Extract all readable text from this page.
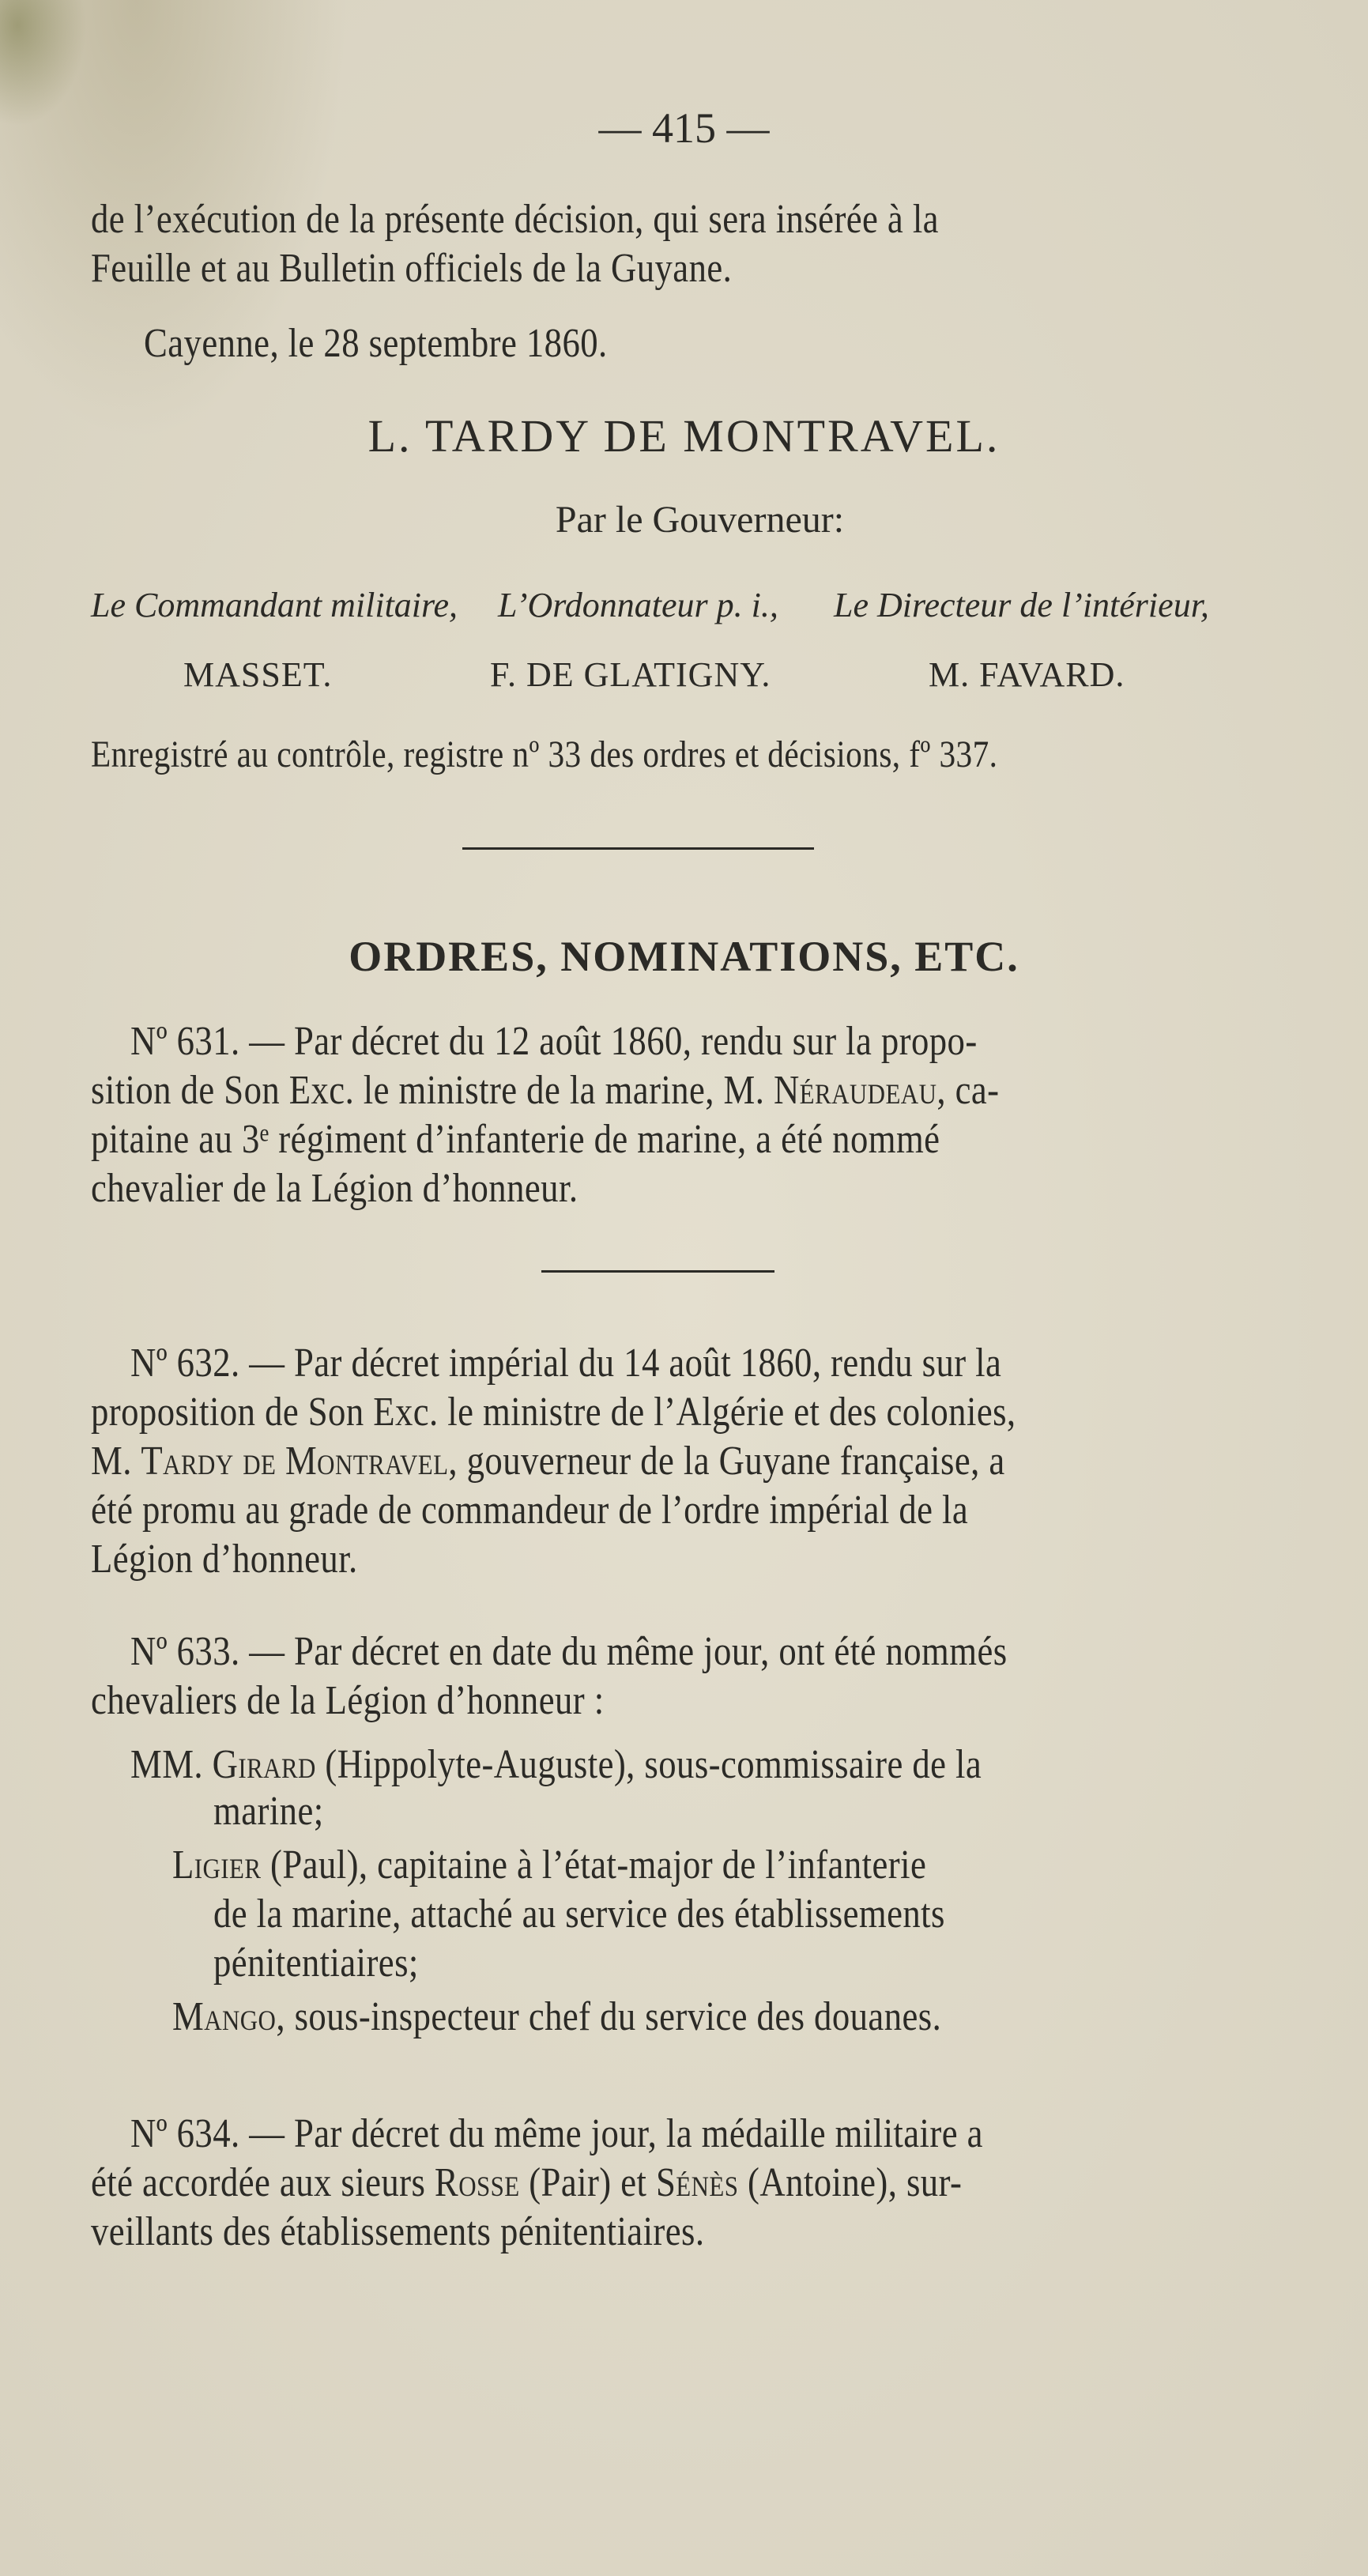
— 415 —
de l’exécution de la présente décision, qui sera insérée à la
Feuille et au Bulletin officiels de la Guyane.
Cayenne, le 28 septembre 1860.
L. TARDY DE MONTRAVEL.
Par le Gouverneur:
Le Commandant militaire, L’Ordonnateur p. i., Le Directeur de l’intérieur,
MASSET.	F. DE GLATIGNY.	M. FAVARD.
Enregistré au contrôle, registre nº 33 des ordres et décisions, fº 337.
ORDRES, NOMINATIONS, ETC.
Nº 631. — Par décret du 12 août 1860, rendu sur la propo-
sition de Son Exc. le ministre de la marine, M. Néraudeau, ca-
pitaine au 3ᵉ régiment d’infanterie de marine, a été nommé
chevalier de la Légion d’honneur.
Nº 632. — Par décret impérial du 14 août 1860, rendu sur la
proposition de Son Exc. le ministre de l’Algérie et des colonies,
M. Tardy de Montravel, gouverneur de la Guyane française, a
été promu au grade de commandeur de l’ordre impérial de la
Légion d’honneur.
Nº 633. — Par décret en date du même jour, ont été nommés
chevaliers de la Légion d’honneur :
MM. Girard (Hippolyte-Auguste), sous-commissaire de la
marine;
Ligier (Paul), capitaine à l’état-major de l’infanterie
de la marine, attaché au service des établissements
pénitentiaires;
Mango, sous-inspecteur chef du service des douanes.
Nº 634. — Par décret du même jour, la médaille militaire a
été accordée aux sieurs Rosse (Pair) et Sénès (Antoine), sur-
veillants des établissements pénitentiaires.
